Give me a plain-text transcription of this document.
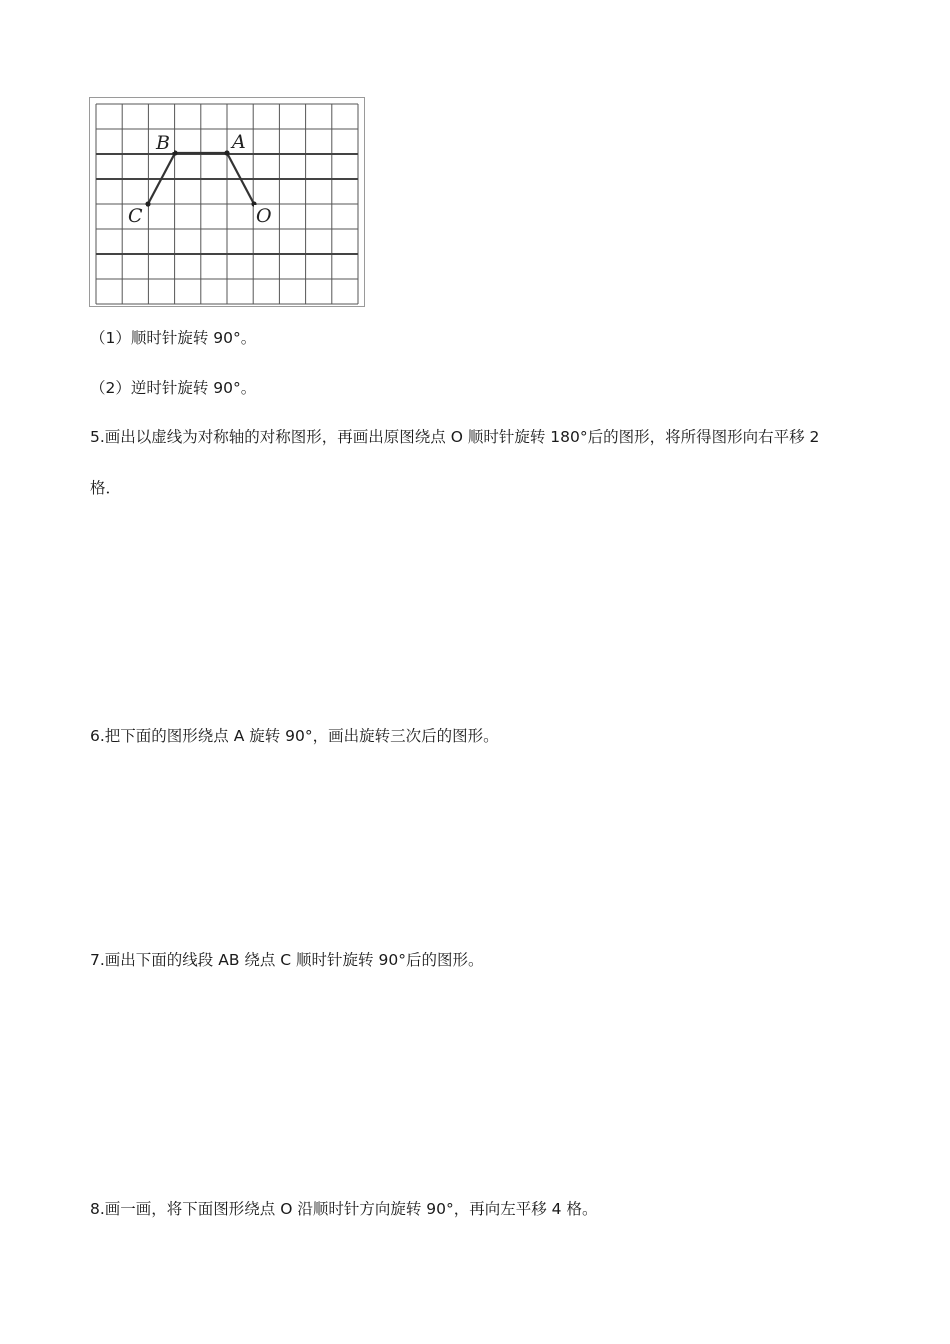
B	A
C	O
（1）顺时针旋转 90°。
（2）逆时针旋转 90°。
5.画出以虚线为对称轴的对称图形，再画出原图绕点 O 顺时针旋转 180°后的图形，将所得图形向右平移 2
格．
6.把下面的图形绕点 A 旋转 90°，画出旋转三次后的图形。
7.画出下面的线段 AB 绕点 C 顺时针旋转 90°后的图形。
8.画一画，将下面图形绕点 O 沿顺时针方向旋转 90°，再向左平移 4 格。
